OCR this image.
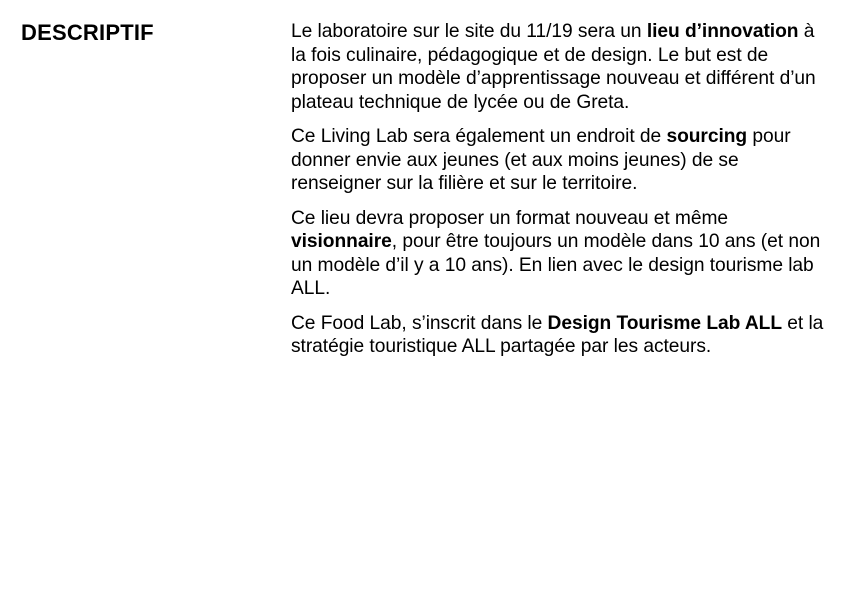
DESCRIPTIF	Le laboratoire sur le site du 11/19 sera un lieu d’innovation à la fois culinaire, pédagogique et de design. Le but est de proposer un modèle d’apprentissage nouveau et différent d’un plateau technique de lycée ou de Greta.

Ce Living Lab sera également un endroit de sourcing pour donner envie aux jeunes (et aux moins jeunes) de se renseigner sur la filière et sur le territoire.

Ce lieu devra proposer un format nouveau et même visionnaire, pour être toujours un modèle dans 10 ans (et non un modèle d’il y a 10 ans). En lien avec le design tourisme lab ALL.

Ce Food Lab, s’inscrit dans le Design Tourisme Lab ALL et la stratégie touristique ALL partagée par les acteurs.
